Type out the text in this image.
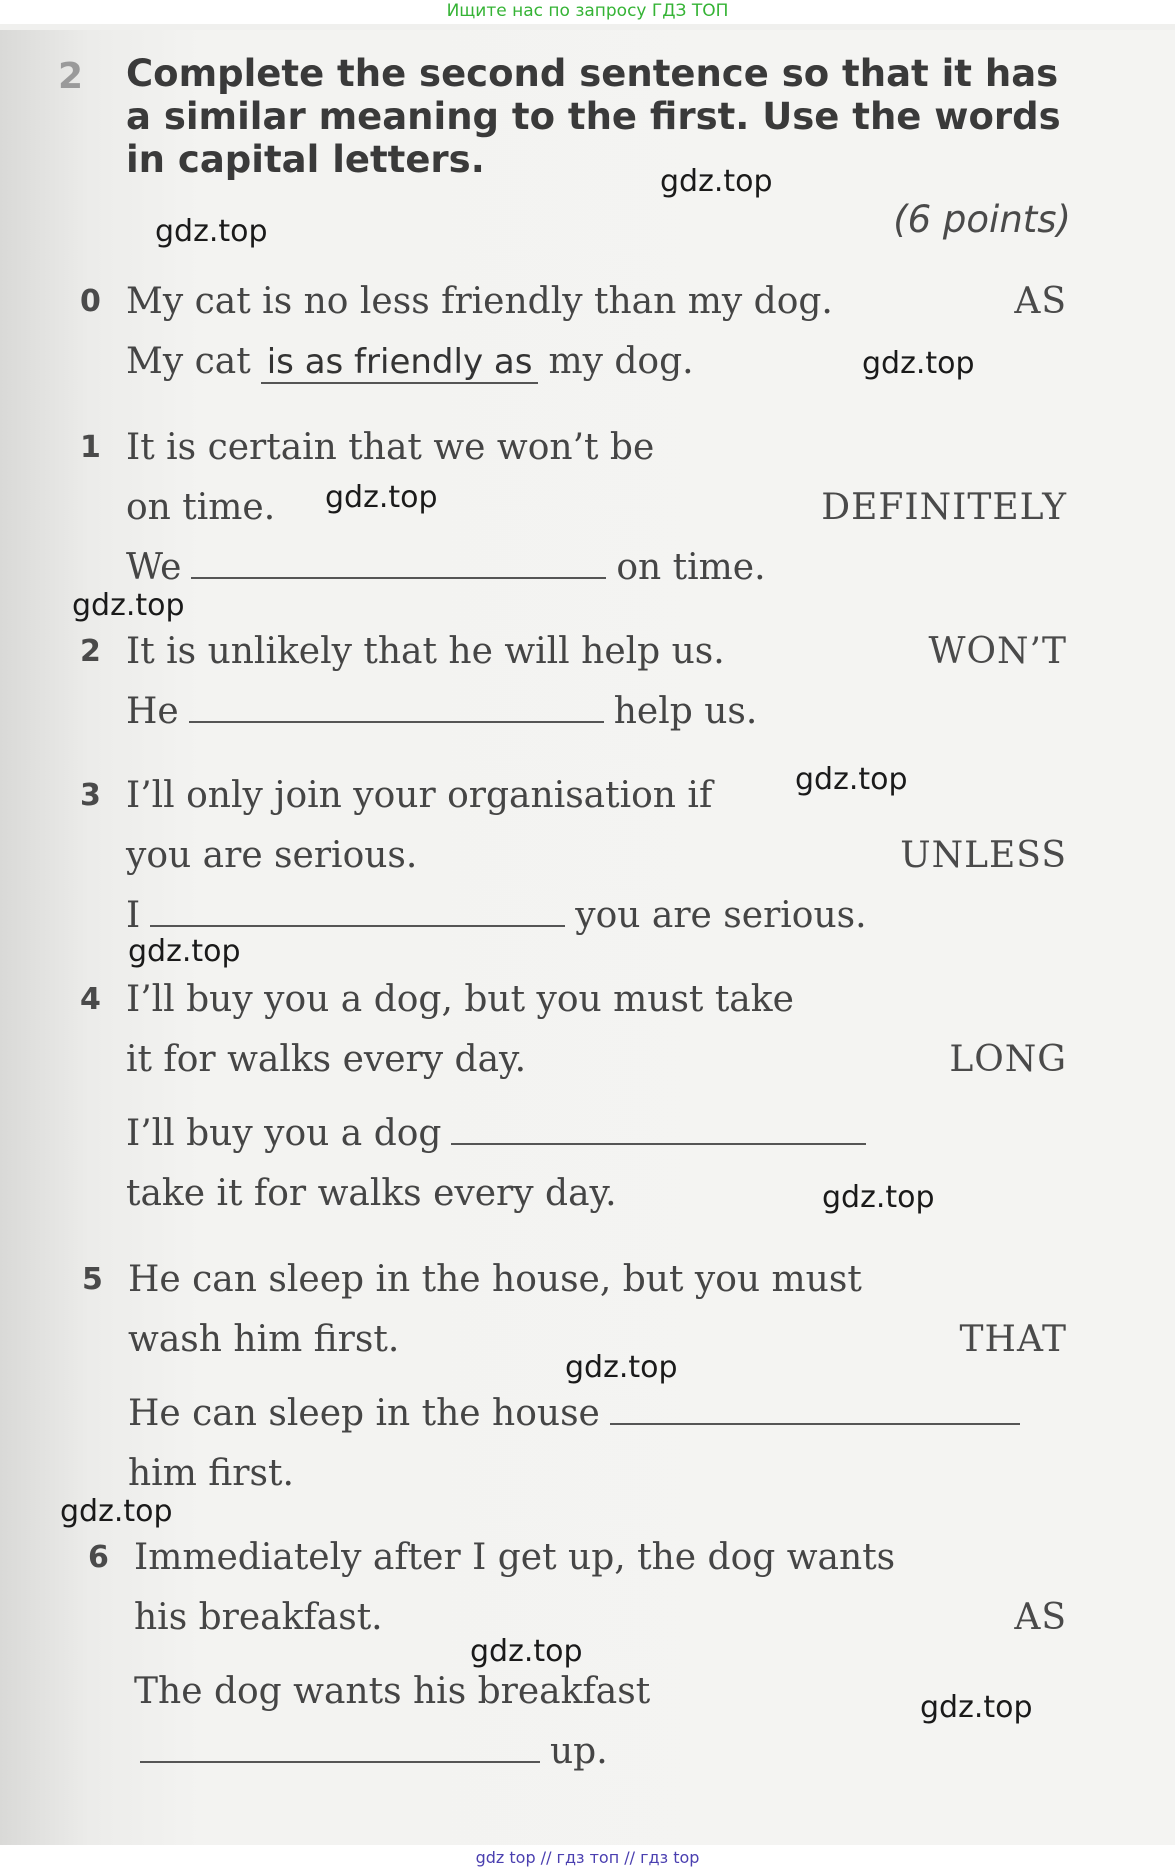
Ищите нас по запросу ГДЗ ТОП
2 Complete the second sentence so that it has a similar meaning to the first. Use the words in capital letters.
(6 points)
0 My cat is no less friendly than my dog.	AS
My cat is as friendly as my dog.
1 It is certain that we won’t be
on time.	DEFINITELY
We	on time.
2 It is unlikely that he will help us.	WON’T
He	help us.
3 I’ll only join your organisation if
you are serious.	UNLESS
I	you are serious.
4 I’ll buy you a dog, but you must take
it for walks every day.	LONG
I’ll buy you a dog
take it for walks every day.
5 He can sleep in the house, but you must
wash him first.	THAT
He can sleep in the house
him first.
6 Immediately after I get up, the dog wants
his breakfast.	AS
The dog wants his breakfast
up.
gdz.top
gdz.top
gdz.top
gdz.top
gdz.top
gdz.top
gdz.top
gdz.top
gdz.top
gdz.top
gdz.top
gdz.top
gdz top // гдз топ // гдз top
